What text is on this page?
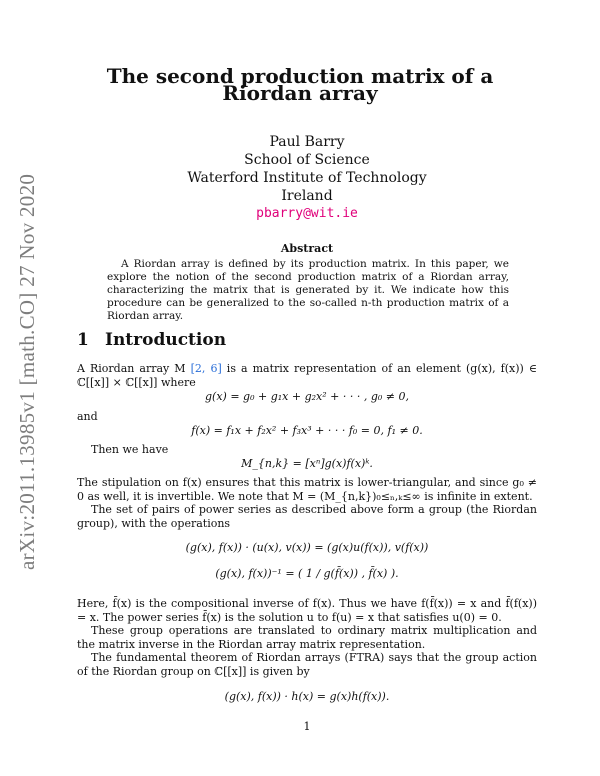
arXiv:2011.13985v1 [math.CO] 27 Nov 2020
The second production matrix of a Riordan array
Paul Barry
School of Science
Waterford Institute of Technology
Ireland
pbarry@wit.ie
Abstract

A Riordan array is defined by its production matrix. In this paper, we explore the notion of the second production matrix of a Riordan array, characterizing the matrix that is generated by it. We indicate how this procedure can be generalized to the so-called n-th production matrix of a Riordan array.

1 Introduction

A Riordan array M [2, 6] is a matrix representation of an element (g(x), f(x)) ∈ ℂ[[x]] × ℂ[[x]] where

g(x) = g₀ + g₁x + g₂x² + · · · , g₀ ≠ 0,
and
f(x) = f₁x + f₂x² + f₃x³ + · · · f₀ = 0, f₁ ≠ 0.
Then we have
M_{n,k} = [xⁿ]g(x)f(x)ᵏ.

The stipulation on f(x) ensures that this matrix is lower-triangular, and since g₀ ≠ 0 as well, it is invertible. We note that M = (M_{n,k})₀≤ₙ,ₖ≤∞ is infinite in extent.

The set of pairs of power series as described above form a group (the Riordan group), with the operations

(g(x), f(x)) · (u(x), v(x)) = (g(x)u(f(x)), v(f(x))
(g(x), f(x))⁻¹ = ( 1 / g(f̄(x)) , f̄(x) ).

Here, f̄(x) is the compositional inverse of f(x). Thus we have f(f̄(x)) = x and f̄(f(x)) = x. The power series f̄(x) is the solution u to f(u) = x that satisfies u(0) = 0.

These group operations are translated to ordinary matrix multiplication and the matrix inverse in the Riordan array matrix representation.

The fundamental theorem of Riordan arrays (FTRA) says that the group action of the Riordan group on ℂ[[x]] is given by

(g(x), f(x)) · h(x) = g(x)h(f(x)).
1
